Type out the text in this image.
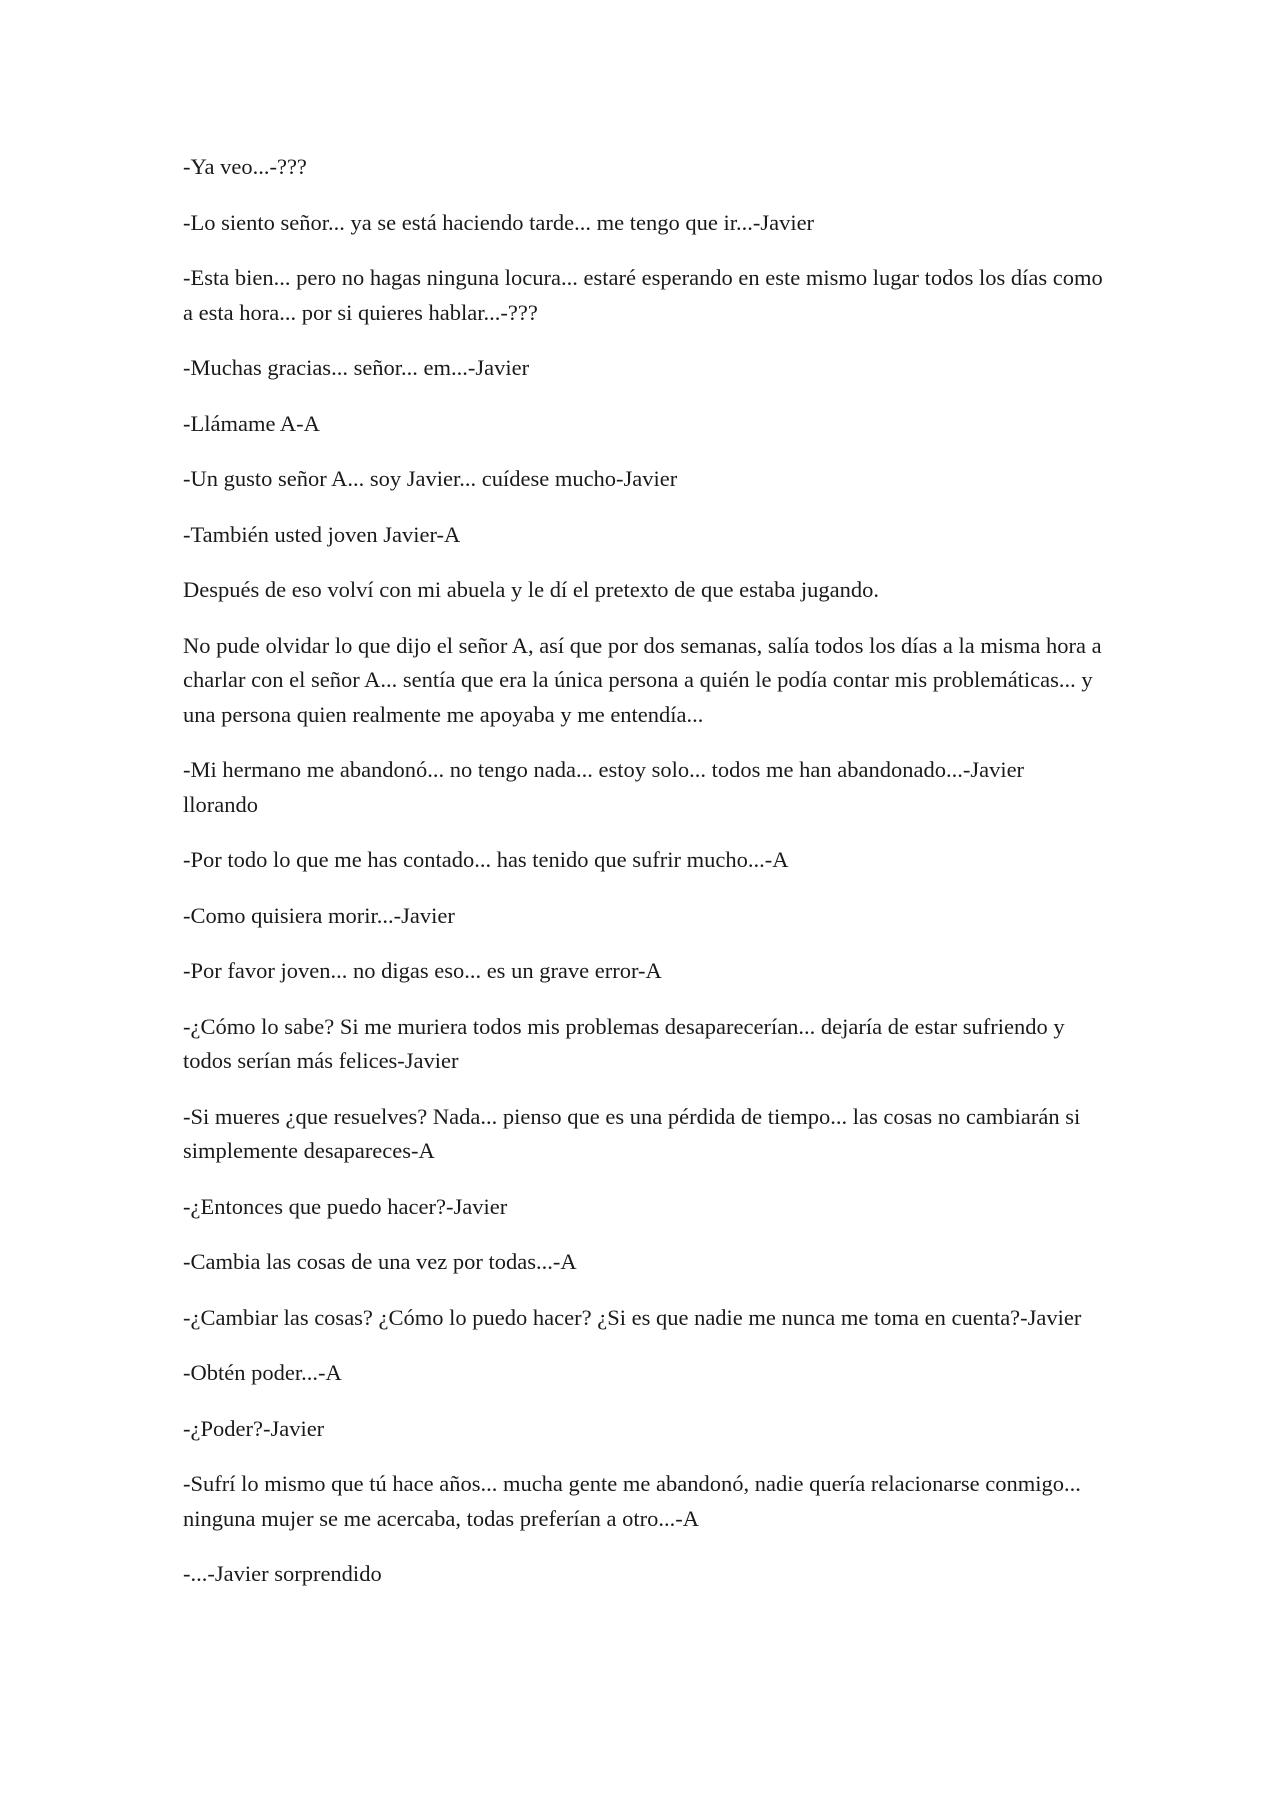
-Ya veo...-???

-Lo siento señor... ya se está haciendo tarde... me tengo que ir...-Javier

-Esta bien... pero no hagas ninguna locura... estaré esperando en este mismo lugar todos los días como a esta hora... por si quieres hablar...-???

-Muchas gracias... señor... em...-Javier

-Llámame A-A

-Un gusto señor A... soy Javier... cuídese mucho-Javier

-También usted joven Javier-A

Después de eso volví con mi abuela y le dí el pretexto de que estaba jugando.

No pude olvidar lo que dijo el señor A, así que por dos semanas, salía todos los días a la misma hora a charlar con el señor A... sentía que era la única persona a quién le podía contar mis problemáticas... y una persona quien realmente me apoyaba y me entendía...

-Mi hermano me abandonó... no tengo nada... estoy solo... todos me han abandonado...-Javier llorando

-Por todo lo que me has contado... has tenido que sufrir mucho...-A

-Como quisiera morir...-Javier

-Por favor joven... no digas eso... es un grave error-A

-¿Cómo lo sabe? Si me muriera todos mis problemas desaparecerían... dejaría de estar sufriendo y todos serían más felices-Javier

-Si mueres ¿que resuelves? Nada... pienso que es una pérdida de tiempo... las cosas no cambiarán si simplemente desapareces-A

-¿Entonces que puedo hacer?-Javier

-Cambia las cosas de una vez por todas...-A

-¿Cambiar las cosas? ¿Cómo lo puedo hacer? ¿Si es que nadie me nunca me toma en cuenta?-Javier

-Obtén poder...-A

-¿Poder?-Javier

-Sufrí lo mismo que tú hace años... mucha gente me abandonó, nadie quería relacionarse conmigo... ninguna mujer se me acercaba, todas preferían a otro...-A

-...-Javier sorprendido
